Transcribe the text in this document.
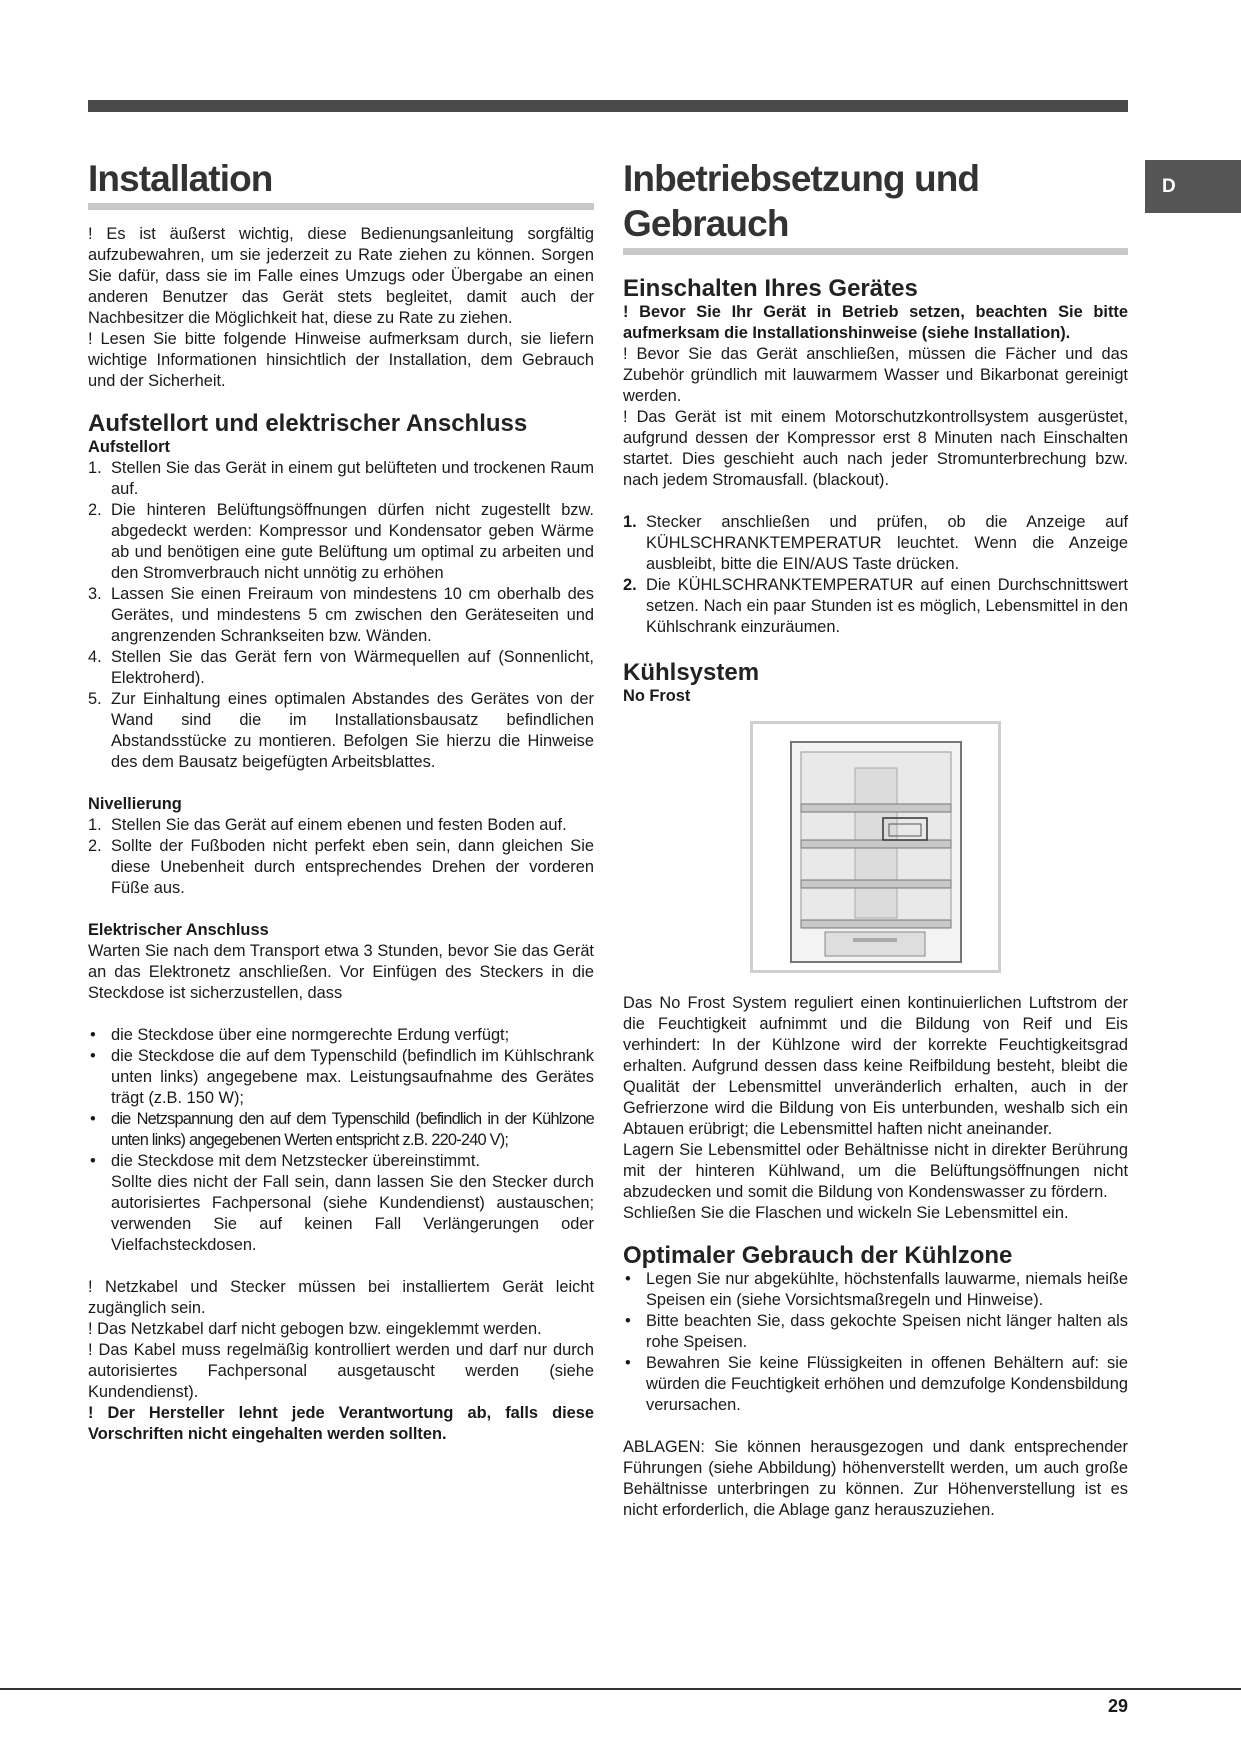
D
Installation

! Es ist äußerst wichtig, diese Bedienungsanleitung sorgfältig aufzubewahren, um sie jederzeit zu Rate ziehen zu können. Sorgen Sie dafür, dass sie im Falle eines Umzugs oder Übergabe an einen anderen Benutzer das Gerät stets begleitet, damit auch der Nachbesitzer die Möglichkeit hat, diese zu Rate zu ziehen.

! Lesen Sie bitte folgende Hinweise aufmerksam durch, sie liefern wichtige Informationen hinsichtlich der Installation, dem Gebrauch und der Sicherheit.

Aufstellort und elektrischer Anschluss
Aufstellort
1. Stellen Sie das Gerät in einem gut belüfteten und trockenen Raum auf.
2. Die hinteren Belüftungsöffnungen dürfen nicht zugestellt bzw. abgedeckt werden: Kompressor und Kondensator geben Wärme ab und benötigen eine gute Belüftung um optimal zu arbeiten und den Stromverbrauch nicht unnötig zu erhöhen
3. Lassen Sie einen Freiraum von mindestens 10 cm oberhalb des Gerätes, und mindestens 5 cm zwischen den Geräteseiten und angrenzenden Schrankseiten bzw. Wänden.
4. Stellen Sie das Gerät fern von Wärmequellen auf (Sonnenlicht, Elektroherd).
5. Zur Einhaltung eines optimalen Abstandes des Gerätes von der Wand sind die im Installationsbausatz befindlichen Abstandsstücke zu montieren. Befolgen Sie hierzu die Hinweise des dem Bausatz beigefügten Arbeitsblattes.
Nivellierung
1. Stellen Sie das Gerät auf einem ebenen und festen Boden auf.
2. Sollte der Fußboden nicht perfekt eben sein, dann gleichen Sie diese Unebenheit durch entsprechendes Drehen der vorderen Füße aus.
Elektrischer Anschluss

Warten Sie nach dem Transport etwa 3 Stunden, bevor Sie das Gerät an das Elektronetz anschließen. Vor Einfügen des Steckers in die Steckdose ist sicherzustellen, dass

• die Steckdose über eine normgerechte Erdung verfügt;
• die Steckdose die auf dem Typenschild (befindlich im Kühlschrank unten links) angegebene max. Leistungsaufnahme des Gerätes trägt (z.B. 150 W);
• die Netzspannung den auf dem Typenschild (befindlich in der Kühlzone unten links) angegebenen Werten entspricht z.B. 220-240 V);
• die Steckdose mit dem Netzstecker übereinstimmt.
Sollte dies nicht der Fall sein, dann lassen Sie den Stecker durch autorisiertes Fachpersonal (siehe Kundendienst) austauschen; verwenden Sie auf keinen Fall Verlängerungen oder Vielfachsteckdosen.

! Netzkabel und Stecker müssen bei installiertem Gerät leicht zugänglich sein.

! Das Netzkabel darf nicht gebogen bzw. eingeklemmt werden.

! Das Kabel muss regelmäßig kontrolliert werden und darf nur durch autorisiertes Fachpersonal ausgetauscht werden (siehe Kundendienst).

! Der Hersteller lehnt jede Verantwortung ab, falls diese Vorschriften nicht eingehalten werden sollten.

Inbetriebsetzung und
Gebrauch
Einschalten Ihres Gerätes

! Bevor Sie Ihr Gerät in Betrieb setzen, beachten Sie bitte aufmerksam die Installationshinweise (siehe Installation).

! Bevor Sie das Gerät anschließen, müssen die Fächer und das Zubehör gründlich mit lauwarmem Wasser und Bikarbonat gereinigt werden.

! Das Gerät ist mit einem Motorschutzkontrollsystem ausgerüstet, aufgrund dessen der Kompressor erst 8 Minuten nach Einschalten startet. Dies geschieht auch nach jeder Stromunterbrechung bzw. nach jedem Stromausfall. (blackout).

1. Stecker anschließen und prüfen, ob die Anzeige auf KÜHLSCHRANKTEMPERATUR leuchtet. Wenn die Anzeige ausbleibt, bitte die EIN/AUS Taste drücken.
2. Die KÜHLSCHRANKTEMPERATUR auf einen Durchschnittswert setzen. Nach ein paar Stunden ist es möglich, Lebensmittel in den Kühlschrank einzuräumen.
Kühlsystem
No Frost

Das No Frost System reguliert einen kontinuierlichen Luftstrom der die Feuchtigkeit aufnimmt und die Bildung von Reif und Eis verhindert: In der Kühlzone wird der korrekte Feuchtigkeitsgrad erhalten. Aufgrund dessen dass keine Reifbildung besteht, bleibt die Qualität der Lebensmittel unveränderlich erhalten, auch in der Gefrierzone wird die Bildung von Eis unterbunden, weshalb sich ein Abtauen erübrigt; die Lebensmittel haften nicht aneinander.

Lagern Sie Lebensmittel oder Behältnisse nicht in direkter Berührung mit der hinteren Kühlwand, um die Belüftungsöffnungen nicht abzudecken und somit die Bildung von Kondenswasser zu fördern.

Schließen Sie die Flaschen und wickeln Sie Lebensmittel ein.

Optimaler Gebrauch der Kühlzone
• Legen Sie nur abgekühlte, höchstenfalls lauwarme, niemals heiße Speisen ein (siehe Vorsichtsmaßregeln und Hinweise).
• Bitte beachten Sie, dass gekochte Speisen nicht länger halten als rohe Speisen.
• Bewahren Sie keine Flüssigkeiten in offenen Behältern auf: sie würden die Feuchtigkeit erhöhen und demzufolge Kondensbildung verursachen.

ABLAGEN: Sie können herausgezogen und dank entsprechender Führungen (siehe Abbildung) höhenverstellt werden, um auch große Behältnisse unterbringen zu können. Zur Höhenverstellung ist es nicht erforderlich, die Ablage ganz herauszuziehen.

29
